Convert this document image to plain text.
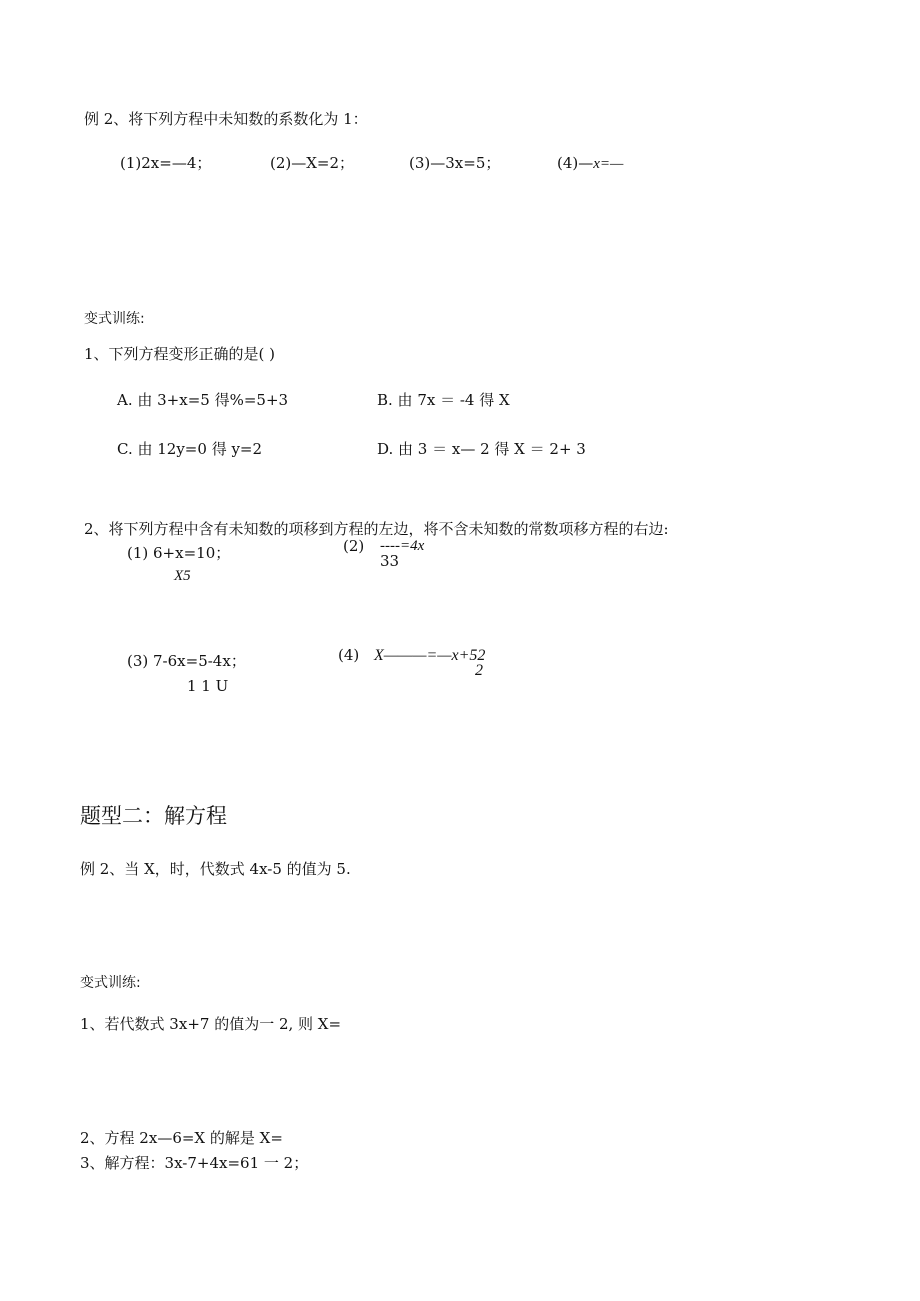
例 2、将下列方程中未知数的系数化为 1：
(1)2x=—4；	(2)—X=2；	(3)—3x=5；	(4)—x=—
变式训练:
1、下列方程变形正确的是( )
A. 由 3+x=5 得%=5+3	B. 由 7x ＝ -4 得 X
C. 由 12y=0 得 y=2	D. 由 3 ＝ x— 2 得 X ＝ 2+ 3
2、将下列方程中含有未知数的项移到方程的左边，将不含未知数的常数项移方程的右边:
(1) 6+x=10；
X5
(2) ----=4x
33
(3) 7-6x=5-4x；
1 1 U
(4) X———=—x+52
2
题型二：解方程
例 2、当 X，时，代数式 4x-5 的值为 5.
变式训练:
1、若代数式 3x+7 的值为一 2, 则 X=
2、方程 2x—6=X 的解是 X=
3、解方程：3x-7+4x=61 一 2；
